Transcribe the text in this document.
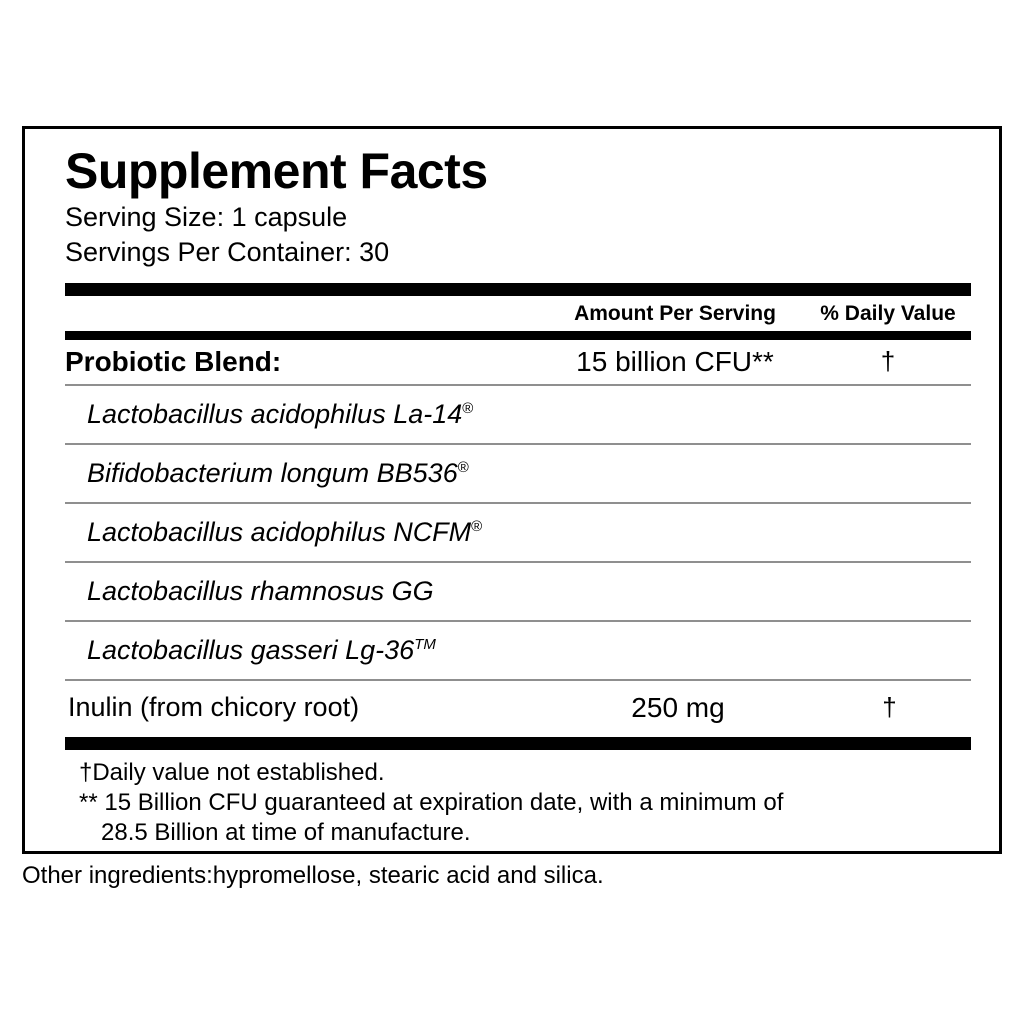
Supplement Facts
Serving Size: 1 capsule
Servings Per Container: 30
Amount Per Serving	% Daily Value
Probiotic Blend:	15 billion CFU**	†
Lactobacillus acidophilus La-14®
Bifidobacterium longum BB536®
Lactobacillus acidophilus NCFM®
Lactobacillus rhamnosus GG
Lactobacillus gasseri Lg-36™
Inulin (from chicory root)	250 mg	†
†Daily value not established.
** 15 Billion CFU guaranteed at expiration date, with a minimum of
28.5 Billion at time of manufacture.
Other ingredients:hypromellose, stearic acid and silica.
